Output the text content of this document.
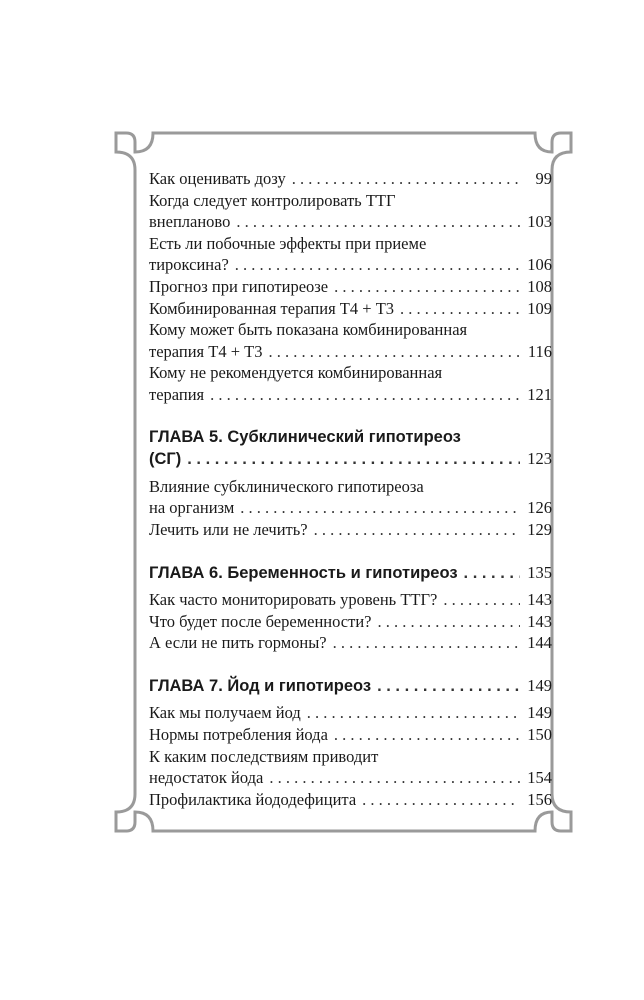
Как оценивать дозу . . .	99
Когда следует контролировать ТТГ
внепланово . . .	103
Есть ли побочные эффекты при приеме
тироксина? . . .	106
Прогноз при гипотиреозе . . .	108
Комбинированная терапия Т4 + Т3 . . .	109
Кому может быть показана комбинированная
терапия Т4 + Т3 . . .	116
Кому не рекомендуется комбинированная
терапия . . .	121
ГЛАВА 5. Субклинический гипотиреоз
(СГ) . . .	123
Влияние субклинического гипотиреоза
на организм . . .	126
Лечить или не лечить? . . .	129
ГЛАВА 6. Беременность и гипотиреоз . . .	135
Как часто мониторировать уровень ТТГ? . . .	143
Что будет после беременности? . . .	143
А если не пить гормоны? . . .	144
ГЛАВА 7. Йод и гипотиреоз . . .	149
Как мы получаем йод . . .	149
Нормы потребления йода . . .	150
К каким последствиям приводит
недостаток йода . . .	154
Профилактика йододефицита . . .	156
